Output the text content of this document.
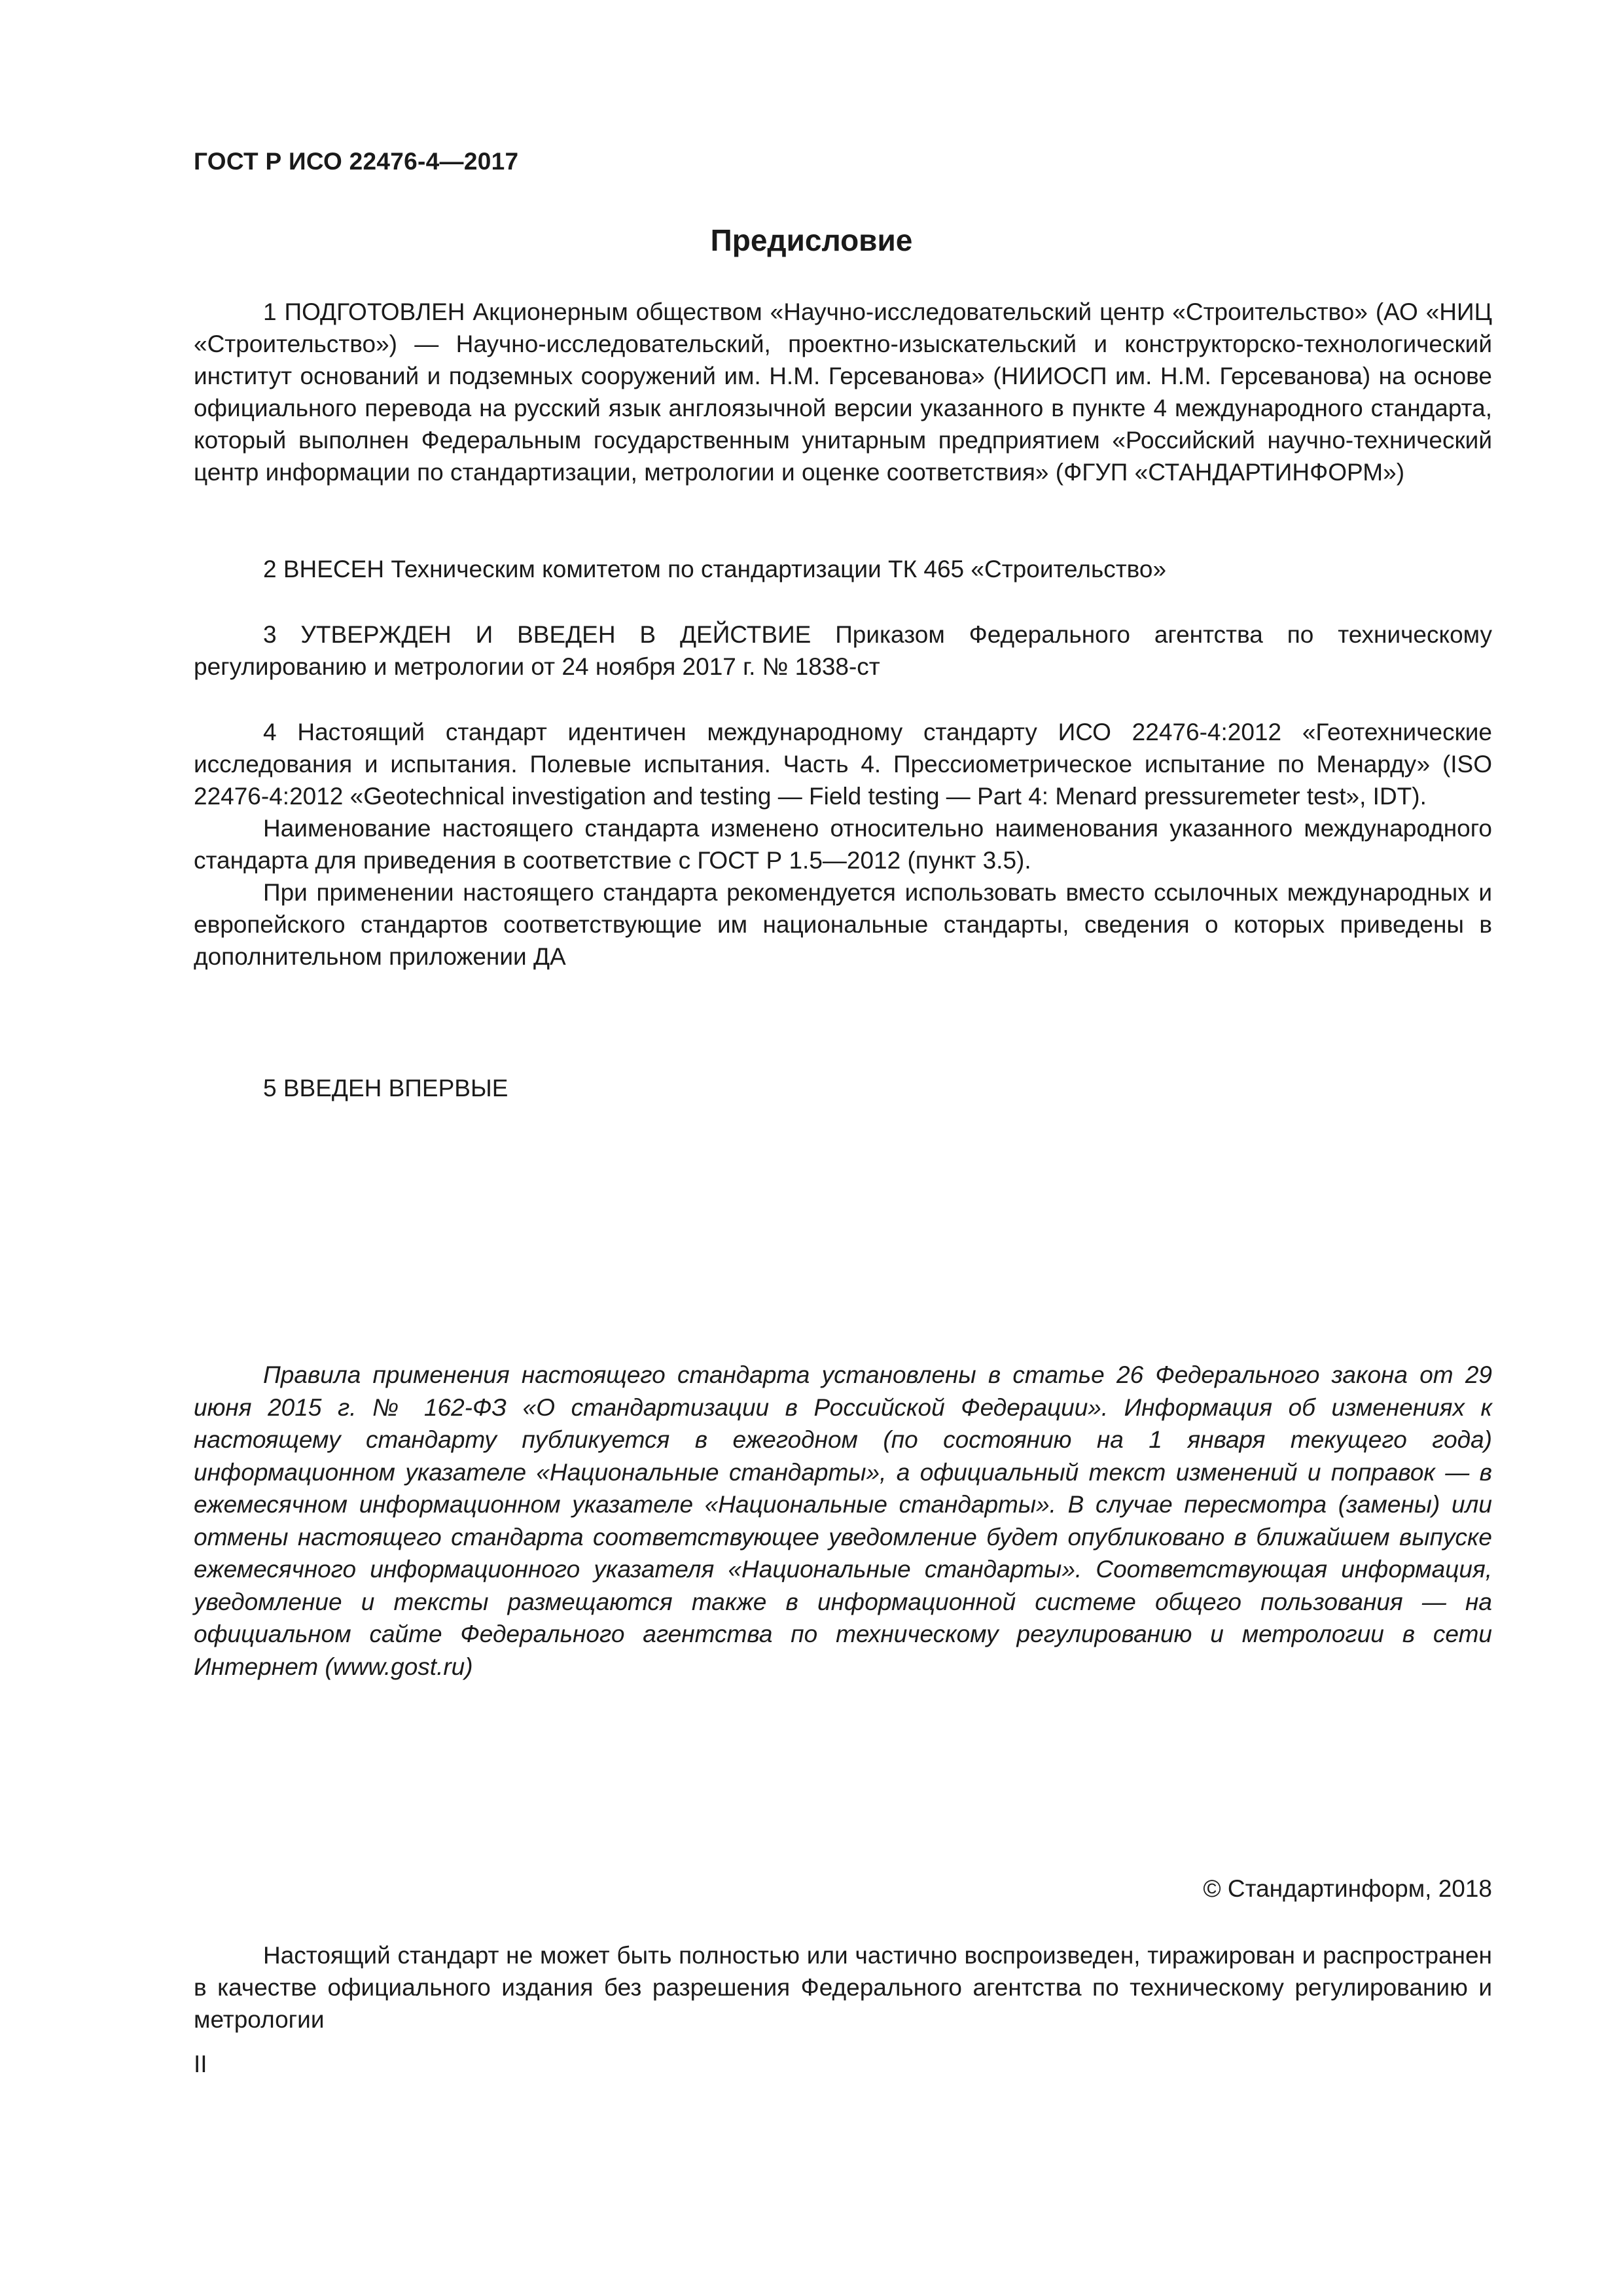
ГОСТ Р ИСО 22476-4—2017
Предисловие

1 ПОДГОТОВЛЕН Акционерным обществом «Научно-исследовательский центр «Строительство» (АО «НИЦ «Строительство») — Научно-исследовательский, проектно-изыскательский и конструкторско-технологический институт оснований и подземных сооружений им. Н.М. Герсеванова» (НИИОСП им. Н.М. Герсеванова) на основе официального перевода на русский язык англоязычной версии указанного в пункте 4 международного стандарта, который выполнен Федеральным государственным унитарным предприятием «Российский научно-технический центр информации по стандартизации, метрологии и оценке соответствия» (ФГУП «СТАНДАРТИНФОРМ»)

2 ВНЕСЕН Техническим комитетом по стандартизации ТК 465 «Строительство»

3 УТВЕРЖДЕН И ВВЕДЕН В ДЕЙСТВИЕ Приказом Федерального агентства по техническому регулированию и метрологии от 24 ноября 2017 г. № 1838-ст

4 Настоящий стандарт идентичен международному стандарту ИСО 22476-4:2012 «Геотехнические исследования и испытания. Полевые испытания. Часть 4. Прессиометрическое испытание по Менарду» (ISO 22476-4:2012 «Geotechnical investigation and testing — Field testing — Part 4: Menard pressuremeter test», IDT).

Наименование настоящего стандарта изменено относительно наименования указанного международного стандарта для приведения в соответствие с ГОСТ Р 1.5—2012 (пункт 3.5).

При применении настоящего стандарта рекомендуется использовать вместо ссылочных международных и европейского стандартов соответствующие им национальные стандарты, сведения о которых приведены в дополнительном приложении ДА

5 ВВЕДЕН ВПЕРВЫЕ

Правила применения настоящего стандарта установлены в статье 26 Федерального закона от 29 июня 2015 г. № 162-ФЗ «О стандартизации в Российской Федерации». Информация об изменениях к настоящему стандарту публикуется в ежегодном (по состоянию на 1 января текущего года) информационном указателе «Национальные стандарты», а официальный текст изменений и поправок — в ежемесячном информационном указателе «Национальные стандарты». В случае пересмотра (замены) или отмены настоящего стандарта соответствующее уведомление будет опубликовано в ближайшем выпуске ежемесячного информационного указателя «Национальные стандарты». Соответствующая информация, уведомление и тексты размещаются также в информационной системе общего пользования — на официальном сайте Федерального агентства по техническому регулированию и метрологии в сети Интернет (www.gost.ru)

© Стандартинформ, 2018

Настоящий стандарт не может быть полностью или частично воспроизведен, тиражирован и распространен в качестве официального издания без разрешения Федерального агентства по техническому регулированию и метрологии

II
